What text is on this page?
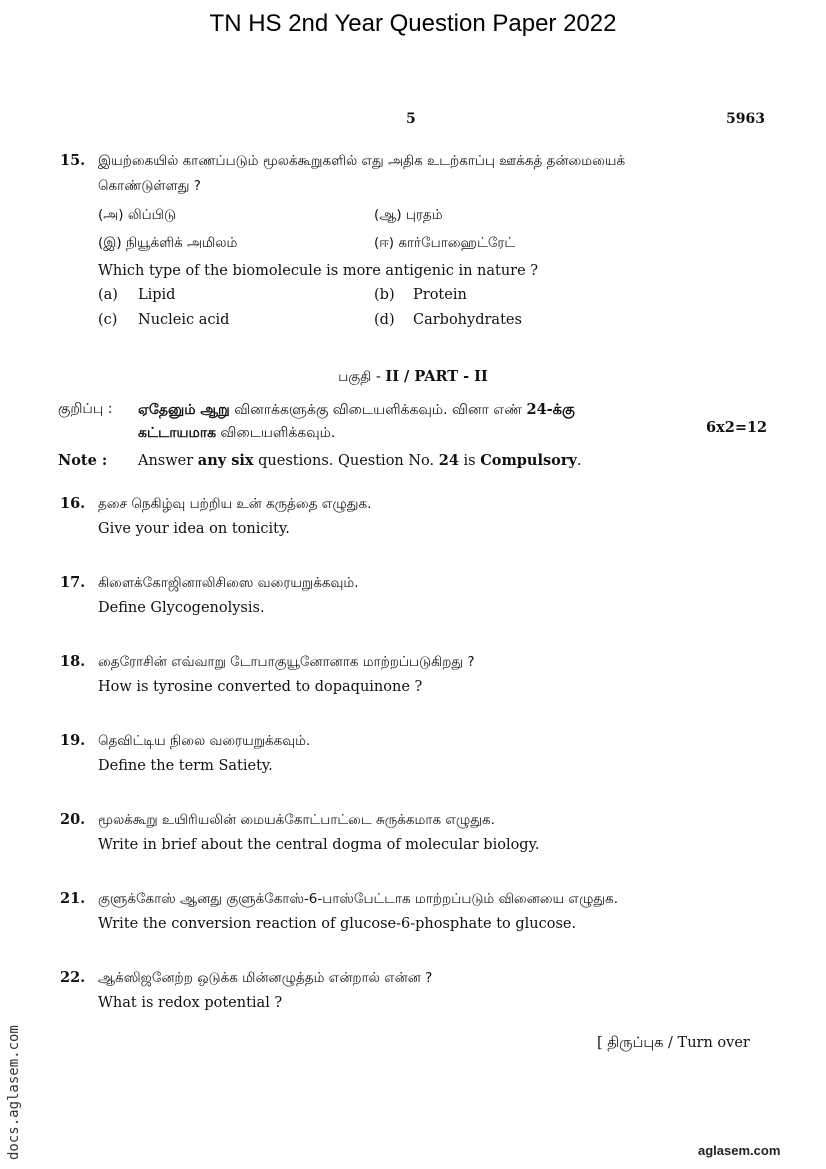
TN HS 2nd Year Question Paper 2022
5	5963
15. இயற்கையில் காணப்படும் மூலக்கூறுகளில் எது அதிக உடற்காப்பு ஊக்கத் தன்மையைக்
கொண்டுள்ளது ?
(அ) லிப்பிடு	(ஆ) புரதம்
(இ) நியூக்ளிக் அமிலம்	(ஈ) கார்போஹைட்ரேட்
Which type of the biomolecule is more antigenic in nature ?
(a) Lipid	(b) Protein
(c) Nucleic acid	(d) Carbohydrates
பகுதி - II / PART - II
குறிப்பு : ஏதேனும் ஆறு வினாக்களுக்கு விடையளிக்கவும். வினா எண் 24-க்கு
கட்டாயமாக விடையளிக்கவும்.	6x2=12
Note : Answer any six questions. Question No. 24 is Compulsory.
16. தசை நெகிழ்வு பற்றிய உன் கருத்தை எழுதுக.
Give your idea on tonicity.
17. கிளைக்கோஜினாலிசிஸை வரையறுக்கவும்.
Define Glycogenolysis.
18. தைரோசின் எவ்வாறு டோபாகுயூனோனாக மாற்றப்படுகிறது ?
How is tyrosine converted to dopaquinone ?
19. தெவிட்டிய நிலை வரையறுக்கவும்.
Define the term Satiety.
20. மூலக்கூறு உயிரியலின் மையக்கோட்பாட்டை சுருக்கமாக எழுதுக.
Write in brief about the central dogma of molecular biology.
21. குளுக்கோஸ் ஆனது குளுக்கோஸ்-6-பாஸ்பேட்டாக மாற்றப்படும் வினையை எழுதுக.
Write the conversion reaction of glucose-6-phosphate to glucose.
22. ஆக்ஸிஜனேற்ற ஒடுக்க மின்னழுத்தம் என்றால் என்ன ?
What is redox potential ?
[ திருப்புக / Turn over
docs.aglasem.com	aglasem.com
